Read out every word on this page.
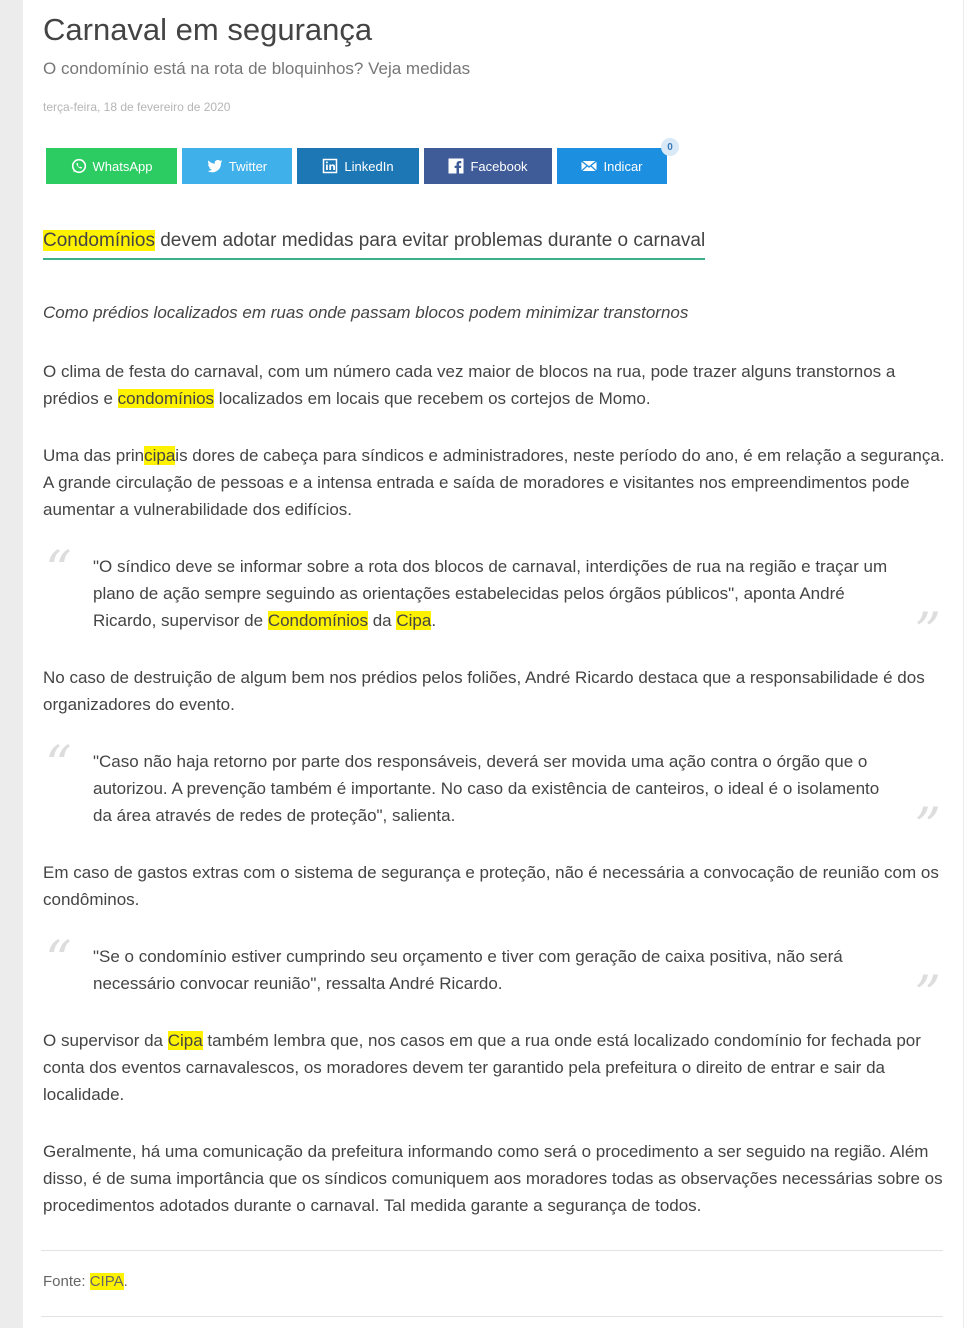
Carnaval em segurança
O condomínio está na rota de bloquinhos? Veja medidas
terça-feira, 18 de fevereiro de 2020
WhatsApp	Twitter	LinkedIn	Facebook	Indicar
0
Condomínios devem adotar medidas para evitar problemas durante o carnaval
Como prédios localizados em ruas onde passam blocos podem minimizar transtornos

O clima de festa do carnaval, com um número cada vez maior de blocos na rua, pode trazer alguns transtornos a prédios e condomínios localizados em locais que recebem os cortejos de Momo.

Uma das principais dores de cabeça para síndicos e administradores, neste período do ano, é em relação a segurança. A grande circulação de pessoas e a intensa entrada e saída de moradores e visitantes nos empreendimentos pode aumentar a vulnerabilidade dos edifícios.

“ "O síndico deve se informar sobre a rota dos blocos de carnaval, interdições de rua na região e traçar um plano de ação sempre seguindo as orientações estabelecidas pelos órgãos públicos", aponta André Ricardo, supervisor de Condomínios da Cipa.	”

No caso de destruição de algum bem nos prédios pelos foliões, André Ricardo destaca que a responsabilidade é dos organizadores do evento.

“ "Caso não haja retorno por parte dos responsáveis, deverá ser movida uma ação contra o órgão que o autorizou. A prevenção também é importante. No caso da existência de canteiros, o ideal é o isolamento da área através de redes de proteção", salienta.	”

Em caso de gastos extras com o sistema de segurança e proteção, não é necessária a convocação de reunião com os condôminos.

“ "Se o condomínio estiver cumprindo seu orçamento e tiver com geração de caixa positiva, não será necessário convocar reunião", ressalta André Ricardo.	”

O supervisor da Cipa também lembra que, nos casos em que a rua onde está localizado condomínio for fechada por conta dos eventos carnavalescos, os moradores devem ter garantido pela prefeitura o direito de entrar e sair da localidade.

Geralmente, há uma comunicação da prefeitura informando como será o procedimento a ser seguido na região. Além disso, é de suma importância que os síndicos comuniquem aos moradores todas as observações necessárias sobre os procedimentos adotados durante o carnaval. Tal medida garante a segurança de todos.

Fonte: CIPA.
